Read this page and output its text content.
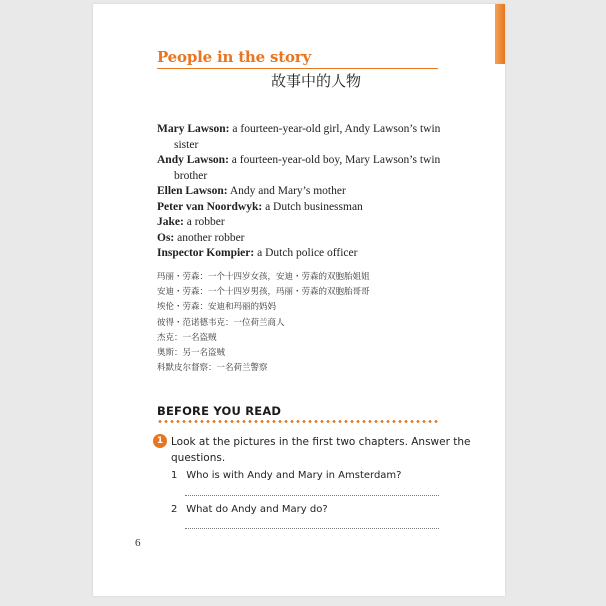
People in the story
故事中的人物

Mary Lawson: a fourteen-year-old girl, Andy Lawson’s twin
sister

Andy Lawson: a fourteen-year-old boy, Mary Lawson’s twin
brother

Ellen Lawson: Andy and Mary’s mother

Peter van Noordwyk: a Dutch businessman

Jake: a robber

Os: another robber

Inspector Kompier: a Dutch police officer

玛丽・劳森：一个十四岁女孩，安迪・劳森的双胞胎姐姐
安迪・劳森：一个十四岁男孩，玛丽・劳森的双胞胎哥哥
埃伦・劳森：安迪和玛丽的妈妈
彼得・范诺德韦克：一位荷兰商人
杰克：一名盗贼
奥斯：另一名盗贼
科默皮尔督察：一名荷兰警察
BEFORE YOU READ
1 Look at the pictures in the first two chapters. Answer the questions.
1 Who is with Andy and Mary in Amsterdam?
2 What do Andy and Mary do?
6
